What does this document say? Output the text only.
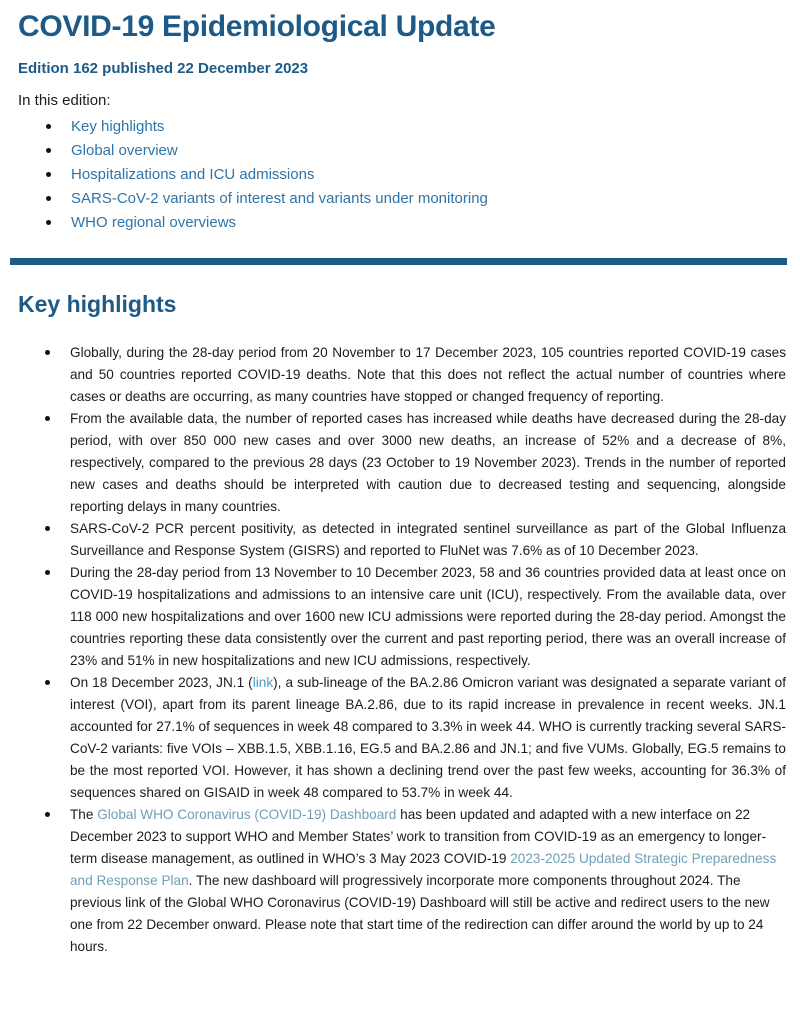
COVID-19 Epidemiological Update

Edition 162 published 22 December 2023

In this edition:

Key highlights
Global overview
Hospitalizations and ICU admissions
SARS-CoV-2 variants of interest and variants under monitoring
WHO regional overviews
Key highlights
Globally, during the 28-day period from 20 November to 17 December 2023, 105 countries reported COVID-19 cases and 50 countries reported COVID-19 deaths. Note that this does not reflect the actual number of countries where cases or deaths are occurring, as many countries have stopped or changed frequency of reporting.
From the available data, the number of reported cases has increased while deaths have decreased during the 28-day period, with over 850 000 new cases and over 3000 new deaths, an increase of 52% and a decrease of 8%, respectively, compared to the previous 28 days (23 October to 19 November 2023). Trends in the number of reported new cases and deaths should be interpreted with caution due to decreased testing and sequencing, alongside reporting delays in many countries.
SARS-CoV-2 PCR percent positivity, as detected in integrated sentinel surveillance as part of the Global Influenza Surveillance and Response System (GISRS) and reported to FluNet was 7.6% as of 10 December 2023.
During the 28-day period from 13 November to 10 December 2023, 58 and 36 countries provided data at least once on COVID-19 hospitalizations and admissions to an intensive care unit (ICU), respectively. From the available data, over 118 000 new hospitalizations and over 1600 new ICU admissions were reported during the 28-day period. Amongst the countries reporting these data consistently over the current and past reporting period, there was an overall increase of 23% and 51% in new hospitalizations and new ICU admissions, respectively.
On 18 December 2023, JN.1 (link), a sub-lineage of the BA.2.86 Omicron variant was designated a separate variant of interest (VOI), apart from its parent lineage BA.2.86, due to its rapid increase in prevalence in recent weeks. JN.1 accounted for 27.1% of sequences in week 48 compared to 3.3% in week 44. WHO is currently tracking several SARS-CoV-2 variants: five VOIs – XBB.1.5, XBB.1.16, EG.5 and BA.2.86 and JN.1; and five VUMs. Globally, EG.5 remains to be the most reported VOI. However, it has shown a declining trend over the past few weeks, accounting for 36.3% of sequences shared on GISAID in week 48 compared to 53.7% in week 44.
The Global WHO Coronavirus (COVID-19) Dashboard has been updated and adapted with a new interface on 22 December 2023 to support WHO and Member States’ work to transition from COVID-19 as an emergency to longer-term disease management, as outlined in WHO’s 3 May 2023 COVID-19 2023-2025 Updated Strategic Preparedness and Response Plan. The new dashboard will progressively incorporate more components throughout 2024. The previous link of the Global WHO Coronavirus (COVID-19) Dashboard will still be active and redirect users to the new one from 22 December onward. Please note that start time of the redirection can differ around the world by up to 24 hours.
